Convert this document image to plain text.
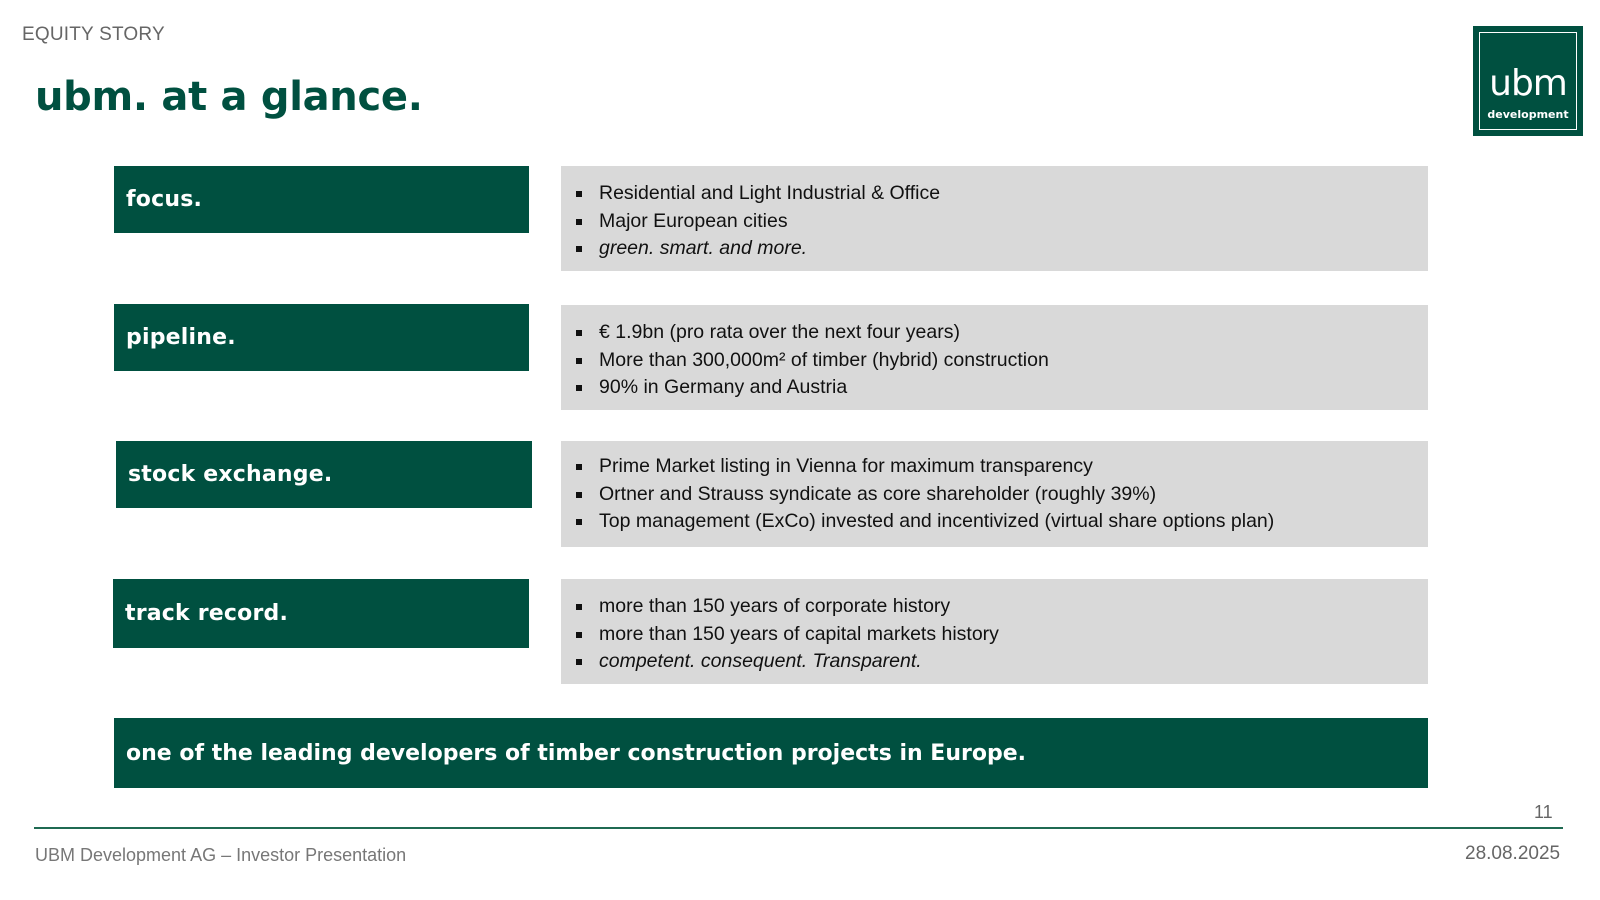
EQUITY STORY
ubm. at a glance.	ubm
development
focus.	Residential and Light Industrial & Office
Major European cities
green. smart. and more.
pipeline.	€ 1.9bn (pro rata over the next four years)
More than 300,000m² of timber (hybrid) construction
90% in Germany and Austria
stock exchange.	Prime Market listing in Vienna for maximum transparency
Ortner and Strauss syndicate as core shareholder (roughly 39%)
Top management (ExCo) invested and incentivized (virtual share options plan)
track record.	more than 150 years of corporate history
more than 150 years of capital markets history
competent. consequent. Transparent.
one of the leading developers of timber construction projects in Europe.
11
UBM Development AG – Investor Presentation	28.08.2025
